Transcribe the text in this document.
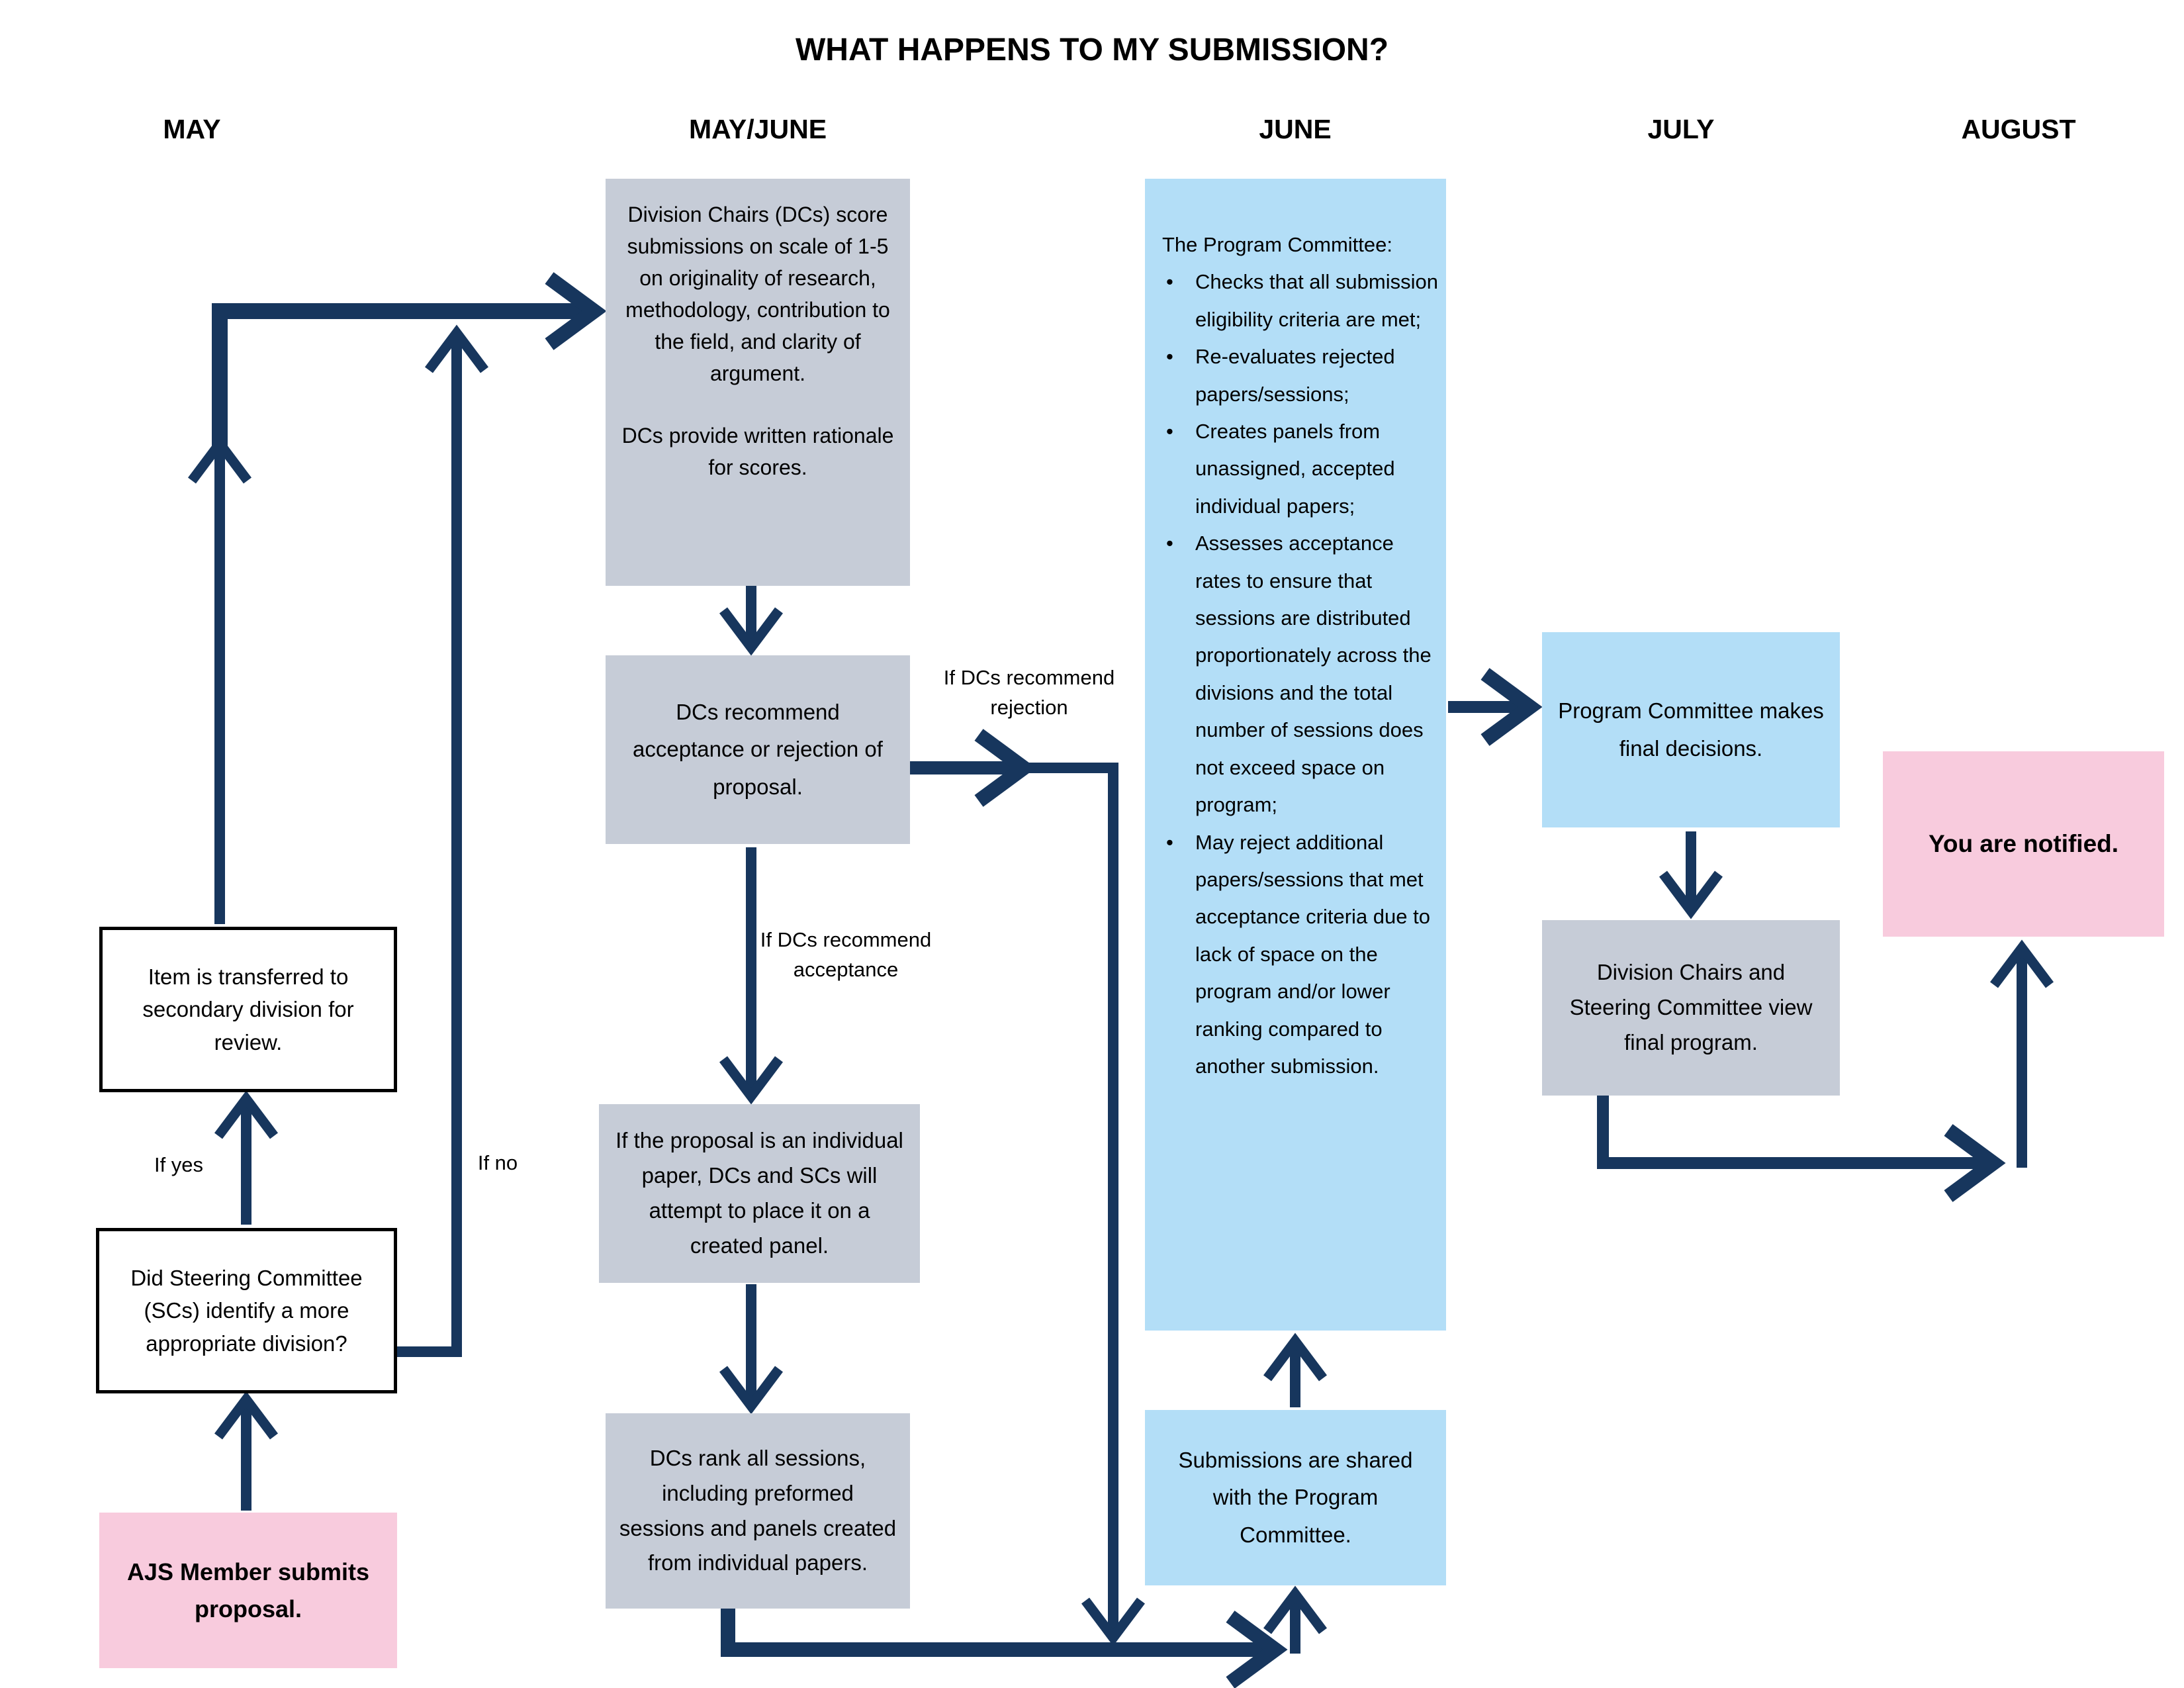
WHAT HAPPENS TO MY SUBMISSION?
MAY	MAY/JUNE	JUNE	JULY	AUGUST

Division Chairs (DCs) score submissions on scale of 1-5 on originality of research, methodology, contribution to the field, and clarity of argument.

DCs provide written rationale for scores.

DCs recommend acceptance or rejection of proposal.

If the proposal is an individual paper, DCs and SCs will attempt to place it on a created panel.

DCs rank all sessions, including preformed sessions and panels created from individual papers.

The Program Committee:
• Checks that all submission eligibility criteria are met;
• Re-evaluates rejected papers/sessions;
• Creates panels from unassigned, accepted individual papers;
• Assesses acceptance rates to ensure that sessions are distributed proportionately across the divisions and the total number of sessions does not exceed space on program;
• May reject additional papers/sessions that met acceptance criteria due to lack of space on the program and/or lower ranking compared to another submission.

Submissions are shared with the Program Committee.

Program Committee makes final decisions.

Division Chairs and Steering Committee view final program.

You are notified.

Item is transferred to secondary division for review.

Did Steering Committee (SCs) identify a more appropriate division?

AJS Member submits proposal.

If yes	If no
If DCs recommend rejection
If DCs recommend acceptance
